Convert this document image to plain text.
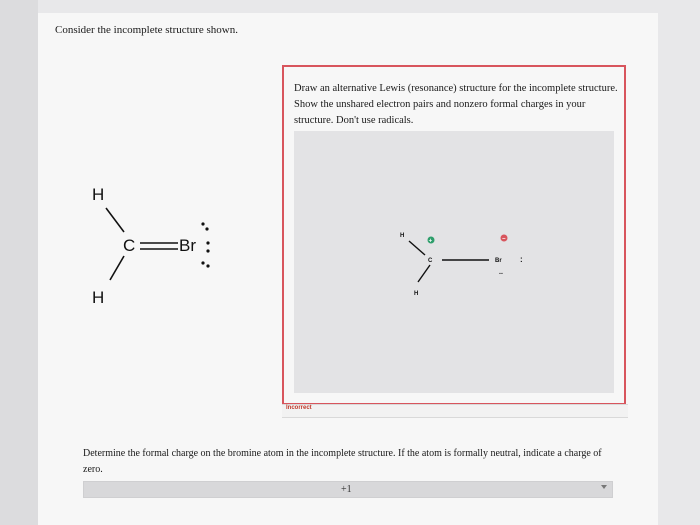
Consider the incomplete structure shown.
H
C	Br
H
Draw an alternative Lewis (resonance) structure for the incomplete structure. Show the unshared electron pairs and nonzero formal charges in your structure. Don't use radicals.
H
+
C
−
Br :
..
H
Incorrect
Determine the formal charge on the bromine atom in the incomplete structure. If the atom is formally neutral, indicate a charge of zero.
+1
